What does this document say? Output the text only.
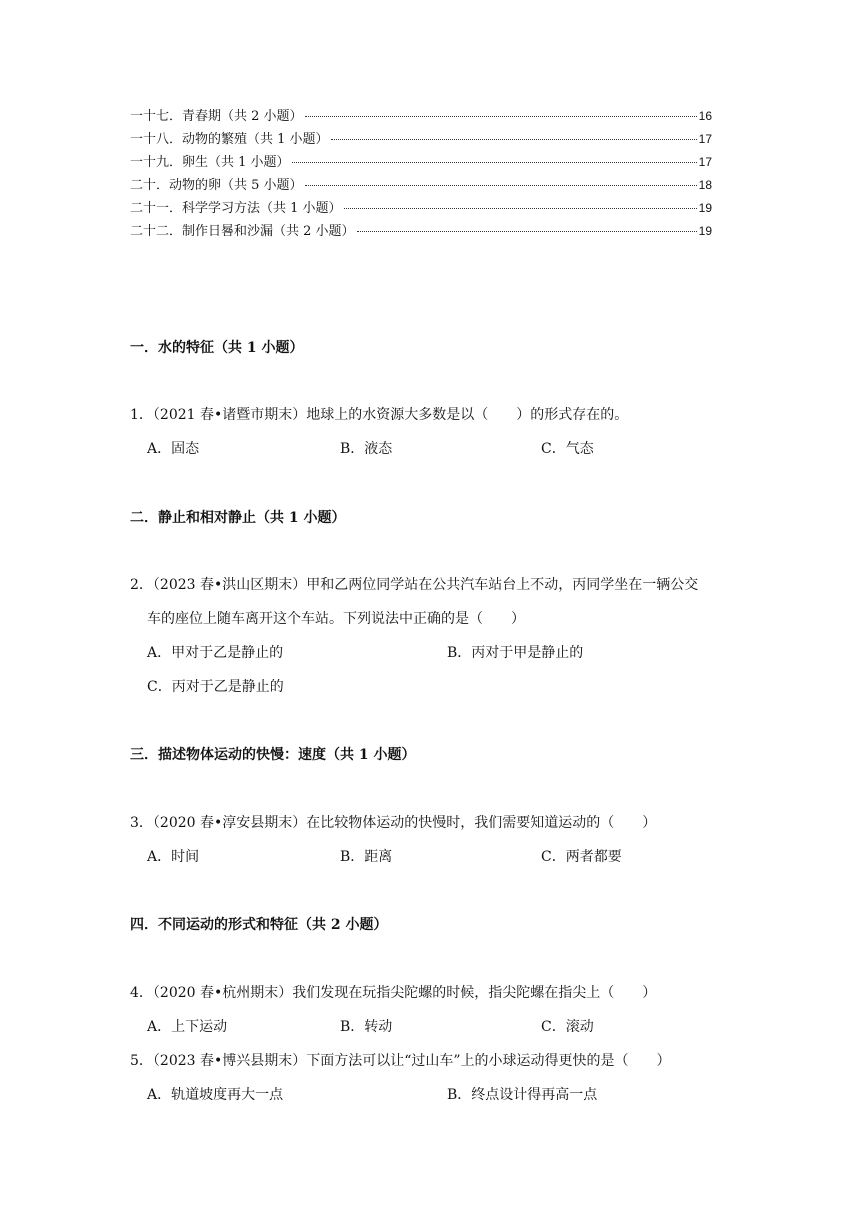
一十七．青春期（共 2 小题）	16
一十八．动物的繁殖（共 1 小题）	17
一十九．卵生（共 1 小题）	17
二十．动物的卵（共 5 小题）	18
二十一．科学学习方法（共 1 小题）	19
二十二．制作日晷和沙漏（共 2 小题）	19
一．水的特征（共 1 小题）
1．（2021 春•诸暨市期末）地球上的水资源大多数是以（　　）的形式存在的。
A．固态	B．液态	C．气态
二．静止和相对静止（共 1 小题）
2．（2023 春•洪山区期末）甲和乙两位同学站在公共汽车站台上不动，丙同学坐在一辆公交
车的座位上随车离开这个车站。下列说法中正确的是（　　）
A．甲对于乙是静止的	B．丙对于甲是静止的
C．丙对于乙是静止的
三．描述物体运动的快慢：速度（共 1 小题）
3．（2020 春•淳安县期末）在比较物体运动的快慢时，我们需要知道运动的（　　）
A．时间	B．距离	C．两者都要
四．不同运动的形式和特征（共 2 小题）
4．（2020 春•杭州期末）我们发现在玩指尖陀螺的时候，指尖陀螺在指尖上（　　）
A．上下运动	B．转动	C．滚动
5．（2023 春•博兴县期末）下面方法可以让“过山车”上的小球运动得更快的是（　　）
A．轨道坡度再大一点	B．终点设计得再高一点
